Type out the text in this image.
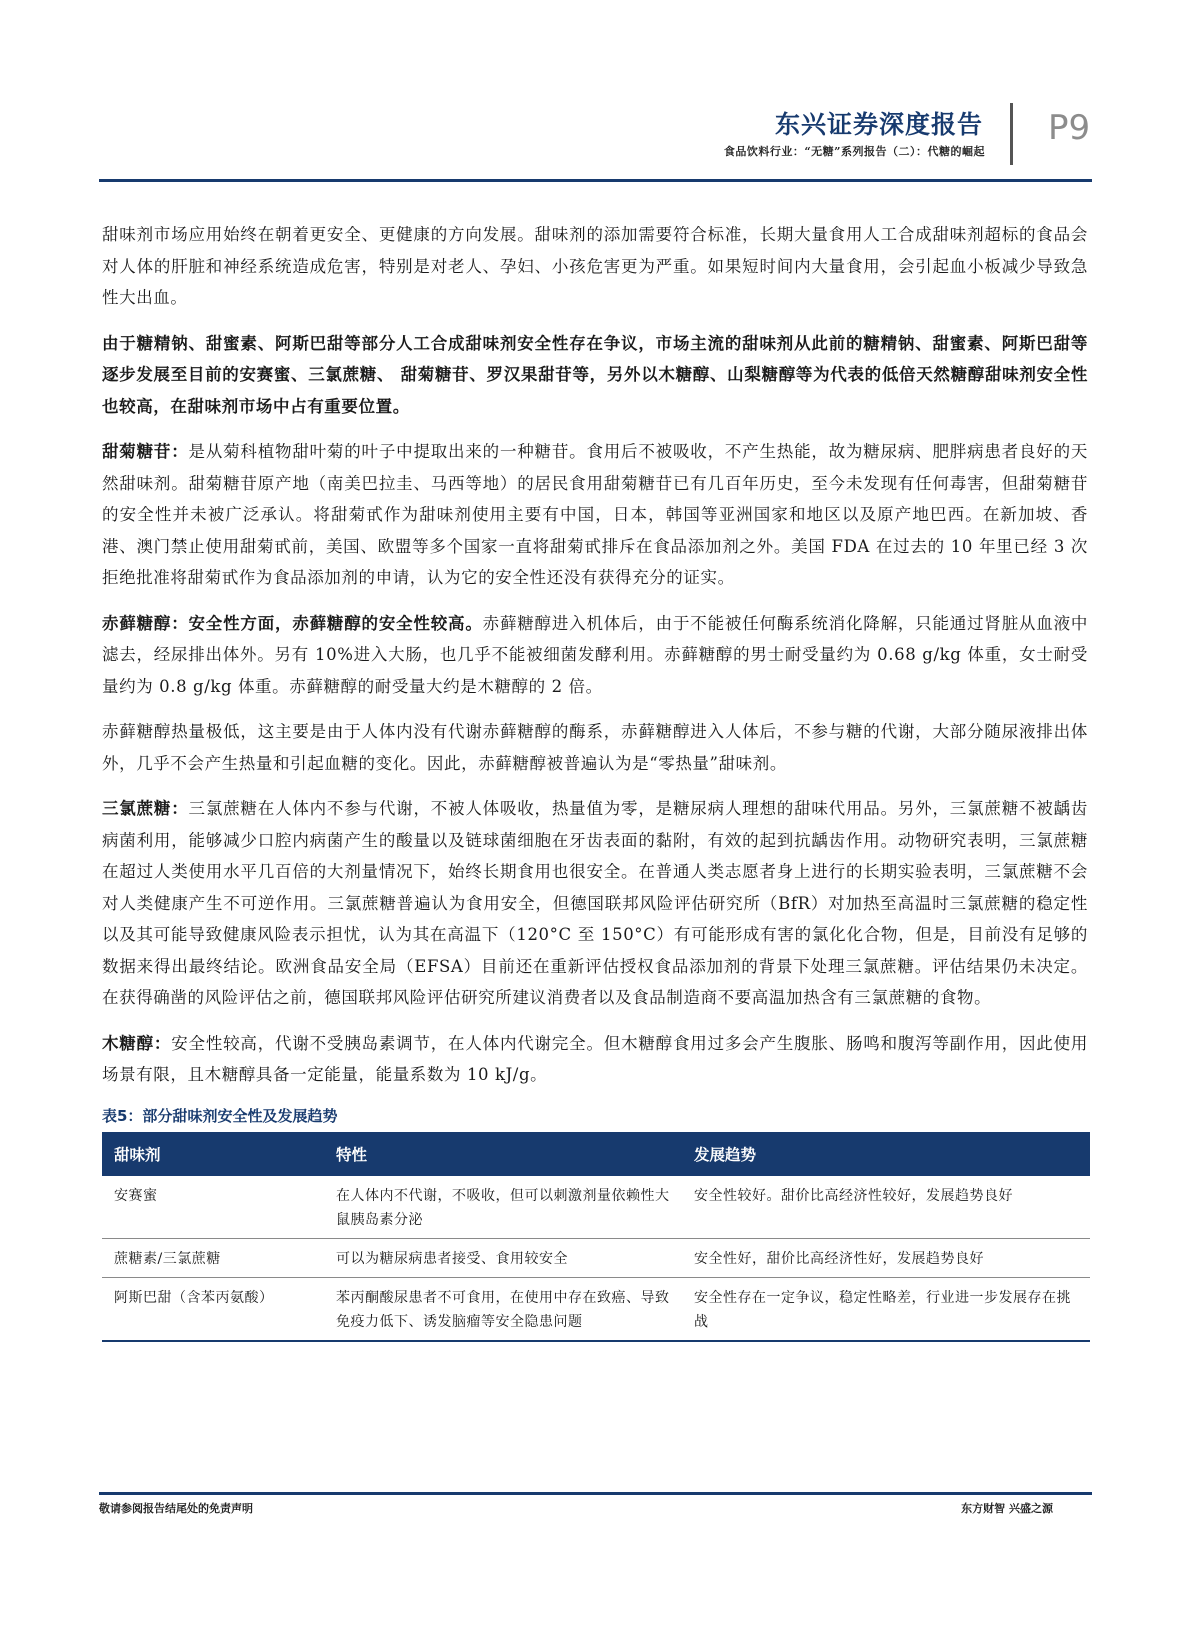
东兴证券深度报告
食品饮料行业：“无糖”系列报告（二）：代糖的崛起
P9

甜味剂市场应用始终在朝着更安全、更健康的方向发展。甜味剂的添加需要符合标准，长期大量食用人工合成甜味剂超标的食品会对人体的肝脏和神经系统造成危害，特别是对老人、孕妇、小孩危害更为严重。如果短时间内大量食用，会引起血小板减少导致急性大出血。

由于糖精钠、甜蜜素、阿斯巴甜等部分人工合成甜味剂安全性存在争议，市场主流的甜味剂从此前的糖精钠、甜蜜素、阿斯巴甜等逐步发展至目前的安赛蜜、三氯蔗糖、 甜菊糖苷、罗汉果甜苷等，另外以木糖醇、山梨糖醇等为代表的低倍天然糖醇甜味剂安全性也较高，在甜味剂市场中占有重要位置。

甜菊糖苷：是从菊科植物甜叶菊的叶子中提取出来的一种糖苷。食用后不被吸收，不产生热能，故为糖尿病、肥胖病患者良好的天然甜味剂。甜菊糖苷原产地（南美巴拉圭、马西等地）的居民食用甜菊糖苷已有几百年历史，至今未发现有任何毒害，但甜菊糖苷的安全性并未被广泛承认。将甜菊甙作为甜味剂使用主要有中国，日本，韩国等亚洲国家和地区以及原产地巴西。在新加坡、香港、澳门禁止使用甜菊甙前，美国、欧盟等多个国家一直将甜菊甙排斥在食品添加剂之外。美国 FDA 在过去的 10 年里已经 3 次拒绝批准将甜菊甙作为食品添加剂的申请，认为它的安全性还没有获得充分的证实。

赤藓糖醇：安全性方面，赤藓糖醇的安全性较高。赤藓糖醇进入机体后，由于不能被任何酶系统消化降解，只能通过肾脏从血液中滤去，经尿排出体外。另有 10%进入大肠，也几乎不能被细菌发酵利用。赤藓糖醇的男士耐受量约为 0.68 g/kg 体重，女士耐受量约为 0.8 g/kg 体重。赤藓糖醇的耐受量大约是木糖醇的 2 倍。

赤藓糖醇热量极低，这主要是由于人体内没有代谢赤藓糖醇的酶系，赤藓糖醇进入人体后，不参与糖的代谢，大部分随尿液排出体外，几乎不会产生热量和引起血糖的变化。因此，赤藓糖醇被普遍认为是“零热量”甜味剂。

三氯蔗糖：三氯蔗糖在人体内不参与代谢，不被人体吸收，热量值为零，是糖尿病人理想的甜味代用品。另外，三氯蔗糖不被龋齿病菌利用，能够减少口腔内病菌产生的酸量以及链球菌细胞在牙齿表面的黏附，有效的起到抗龋齿作用。动物研究表明，三氯蔗糖在超过人类使用水平几百倍的大剂量情况下，始终长期食用也很安全。在普通人类志愿者身上进行的长期实验表明，三氯蔗糖不会对人类健康产生不可逆作用。三氯蔗糖普遍认为食用安全，但德国联邦风险评估研究所（BfR）对加热至高温时三氯蔗糖的稳定性以及其可能导致健康风险表示担忧，认为其在高温下（120°C 至 150°C）有可能形成有害的氯化化合物，但是，目前没有足够的数据来得出最终结论。欧洲食品安全局（EFSA）目前还在重新评估授权食品添加剂的背景下处理三氯蔗糖。评估结果仍未决定。在获得确凿的风险评估之前，德国联邦风险评估研究所建议消费者以及食品制造商不要高温加热含有三氯蔗糖的食物。

木糖醇：安全性较高，代谢不受胰岛素调节，在人体内代谢完全。但木糖醇食用过多会产生腹胀、肠鸣和腹泻等副作用，因此使用场景有限，且木糖醇具备一定能量，能量系数为 10 kJ/g。

表5：部分甜味剂安全性及发展趋势
甜味剂	特性	发展趋势
安赛蜜	在人体内不代谢，不吸收，但可以刺激剂量依赖性大鼠胰岛素分泌	安全性较好。甜价比高经济性较好，发展趋势良好
蔗糖素/三氯蔗糖	可以为糖尿病患者接受、食用较安全	安全性好，甜价比高经济性好，发展趋势良好
阿斯巴甜（含苯丙氨酸）	苯丙酮酸尿患者不可食用，在使用中存在致癌、导致免疫力低下、诱发脑瘤等安全隐患问题	安全性存在一定争议，稳定性略差，行业进一步发展存在挑战
敬请参阅报告结尾处的免责声明	东方财智 兴盛之源
